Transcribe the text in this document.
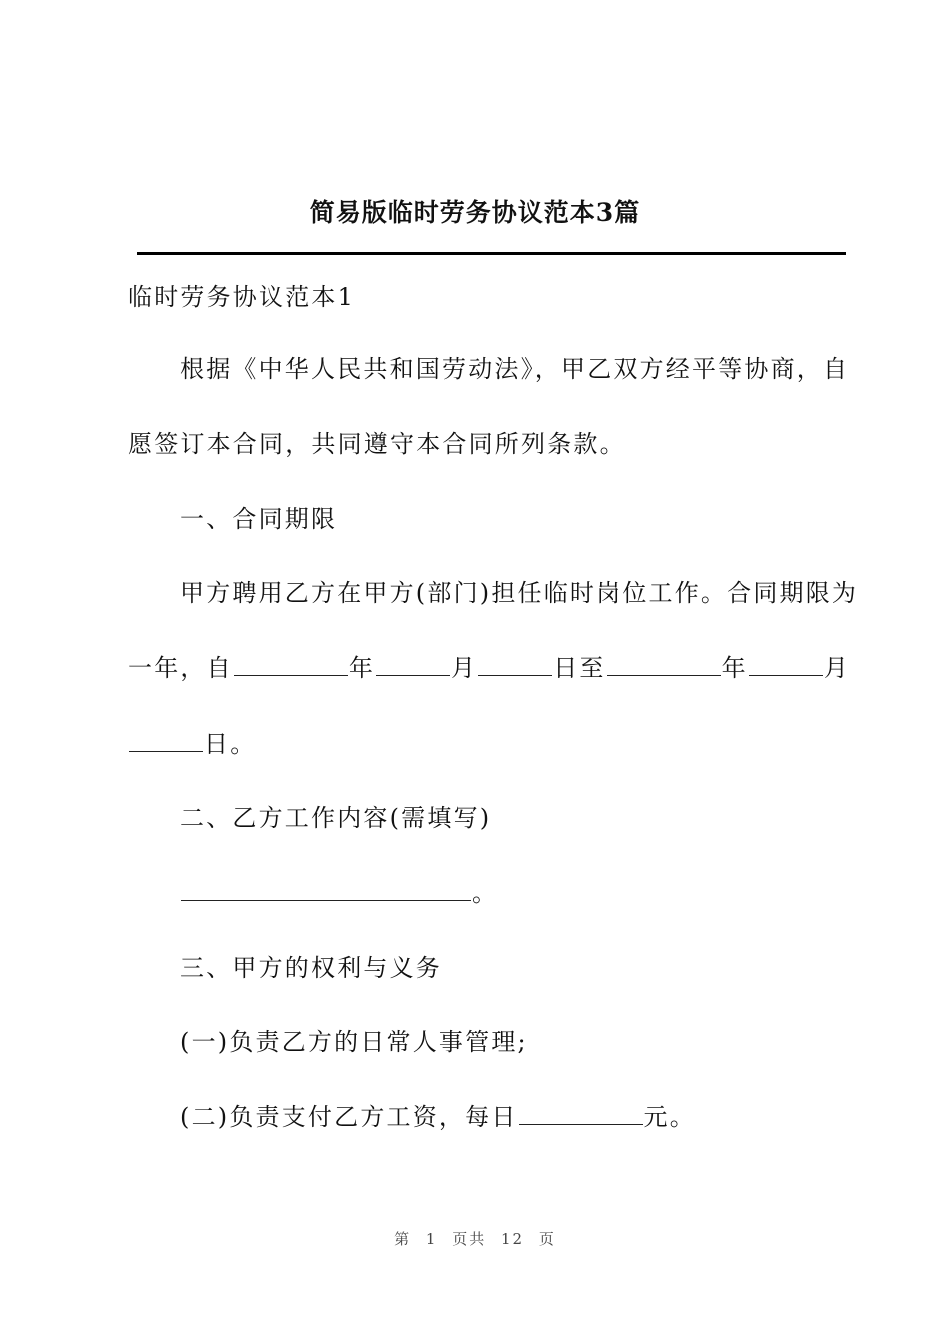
简易版临时劳务协议范本3篇
临时劳务协议范本1
根据《中华人民共和国劳动法》，甲乙双方经平等协商，自
愿签订本合同，共同遵守本合同所列条款。
一、合同期限
甲方聘用乙方在甲方(部门)担任临时岗位工作。合同期限为
一年，自	年	月	日至	年	月
日。
二、乙方工作内容(需填写)
。
三、甲方的权利与义务
(一)负责乙方的日常人事管理;
(二)负责支付乙方工资，每日	元。
第 1 页共 12 页
